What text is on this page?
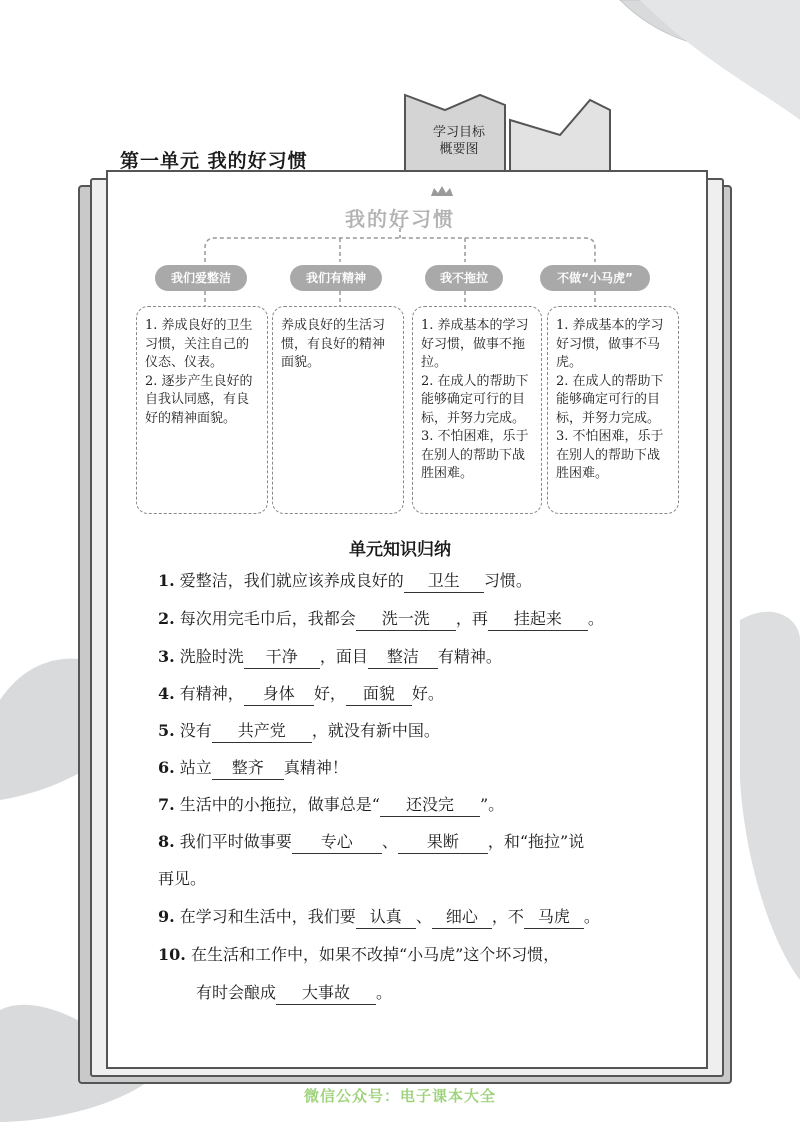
第一单元 我的好习惯
学习目标
概要图
我的好习惯
我们爱整洁	我们有精神	我不拖拉	不做“小马虎”

1. 养成良好的卫生习惯，关注自己的仪态、仪表。

2. 逐步产生良好的自我认同感，有良好的精神面貌。

养成良好的生活习惯，有良好的精神面貌。

1. 养成基本的学习好习惯，做事不拖拉。

2. 在成人的帮助下能够确定可行的目标，并努力完成。

3. 不怕困难，乐于在别人的帮助下战胜困难。

1. 养成基本的学习好习惯，做事不马虎。

2. 在成人的帮助下能够确定可行的目标，并努力完成。

3. 不怕困难，乐于在别人的帮助下战胜困难。

单元知识归纳
1. 爱整洁，我们就应该养成良好的 卫生 习惯。
2. 每次用完毛巾后，我都会 洗一洗 ，再 挂起来 。
3. 洗脸时洗 干净 ，面目 整洁 有精神。
4. 有精神， 身体 好， 面貌 好。
5. 没有 共产党 ，就没有新中国。
6. 站立 整齐 真精神！
7. 生活中的小拖拉，做事总是“ 还没完 ”。
8. 我们平时做事要 专心 、 果断 ，和“拖拉”说
再见。
9. 在学习和生活中，我们要 认真 、 细心 ，不 马虎 。
10. 在生活和工作中，如果不改掉“小马虎”这个坏习惯，
有时会酿成 大事故 。
微信公众号：电子课本大全
